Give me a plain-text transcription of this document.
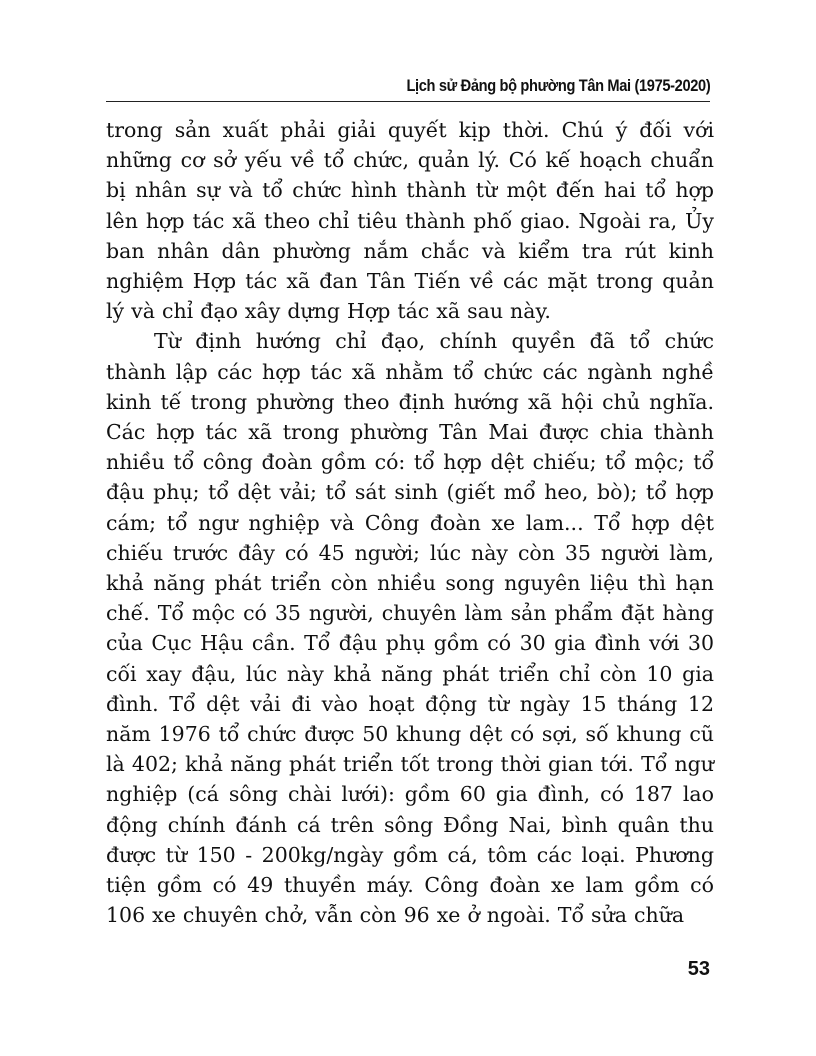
Lịch sử Đảng bộ phường Tân Mai (1975-2020)

trong sản xuất phải giải quyết kịp thời. Chú ý đối với những cơ sở yếu về tổ chức, quản lý. Có kế hoạch chuẩn bị nhân sự và tổ chức hình thành từ một đến hai tổ hợp lên hợp tác xã theo chỉ tiêu thành phố giao. Ngoài ra, Ủy ban nhân dân phường nắm chắc và kiểm tra rút kinh nghiệm Hợp tác xã đan Tân Tiến về các mặt trong quản lý và chỉ đạo xây dựng Hợp tác xã sau này.

Từ định hướng chỉ đạo, chính quyền đã tổ chức thành lập các hợp tác xã nhằm tổ chức các ngành nghề kinh tế trong phường theo định hướng xã hội chủ nghĩa. Các hợp tác xã trong phường Tân Mai được chia thành nhiều tổ công đoàn gồm có: tổ hợp dệt chiếu; tổ mộc; tổ đậu phụ; tổ dệt vải; tổ sát sinh (giết mổ heo, bò); tổ hợp cám; tổ ngư nghiệp và Công đoàn xe lam... Tổ hợp dệt chiếu trước đây có 45 người; lúc này còn 35 người làm, khả năng phát triển còn nhiều song nguyên liệu thì hạn chế. Tổ mộc có 35 người, chuyên làm sản phẩm đặt hàng của Cục Hậu cần. Tổ đậu phụ gồm có 30 gia đình với 30 cối xay đậu, lúc này khả năng phát triển chỉ còn 10 gia đình. Tổ dệt vải đi vào hoạt động từ ngày 15 tháng 12 năm 1976 tổ chức được 50 khung dệt có sợi, số khung cũ là 402; khả năng phát triển tốt trong thời gian tới. Tổ ngư nghiệp (cá sông chài lưới): gồm 60 gia đình, có 187 lao động chính đánh cá trên sông Đồng Nai, bình quân thu được từ 150 - 200kg/ngày gồm cá, tôm các loại. Phương tiện gồm có 49 thuyền máy. Công đoàn xe lam gồm có 106 xe chuyên chở, vẫn còn 96 xe ở ngoài. Tổ sửa chữa

53
